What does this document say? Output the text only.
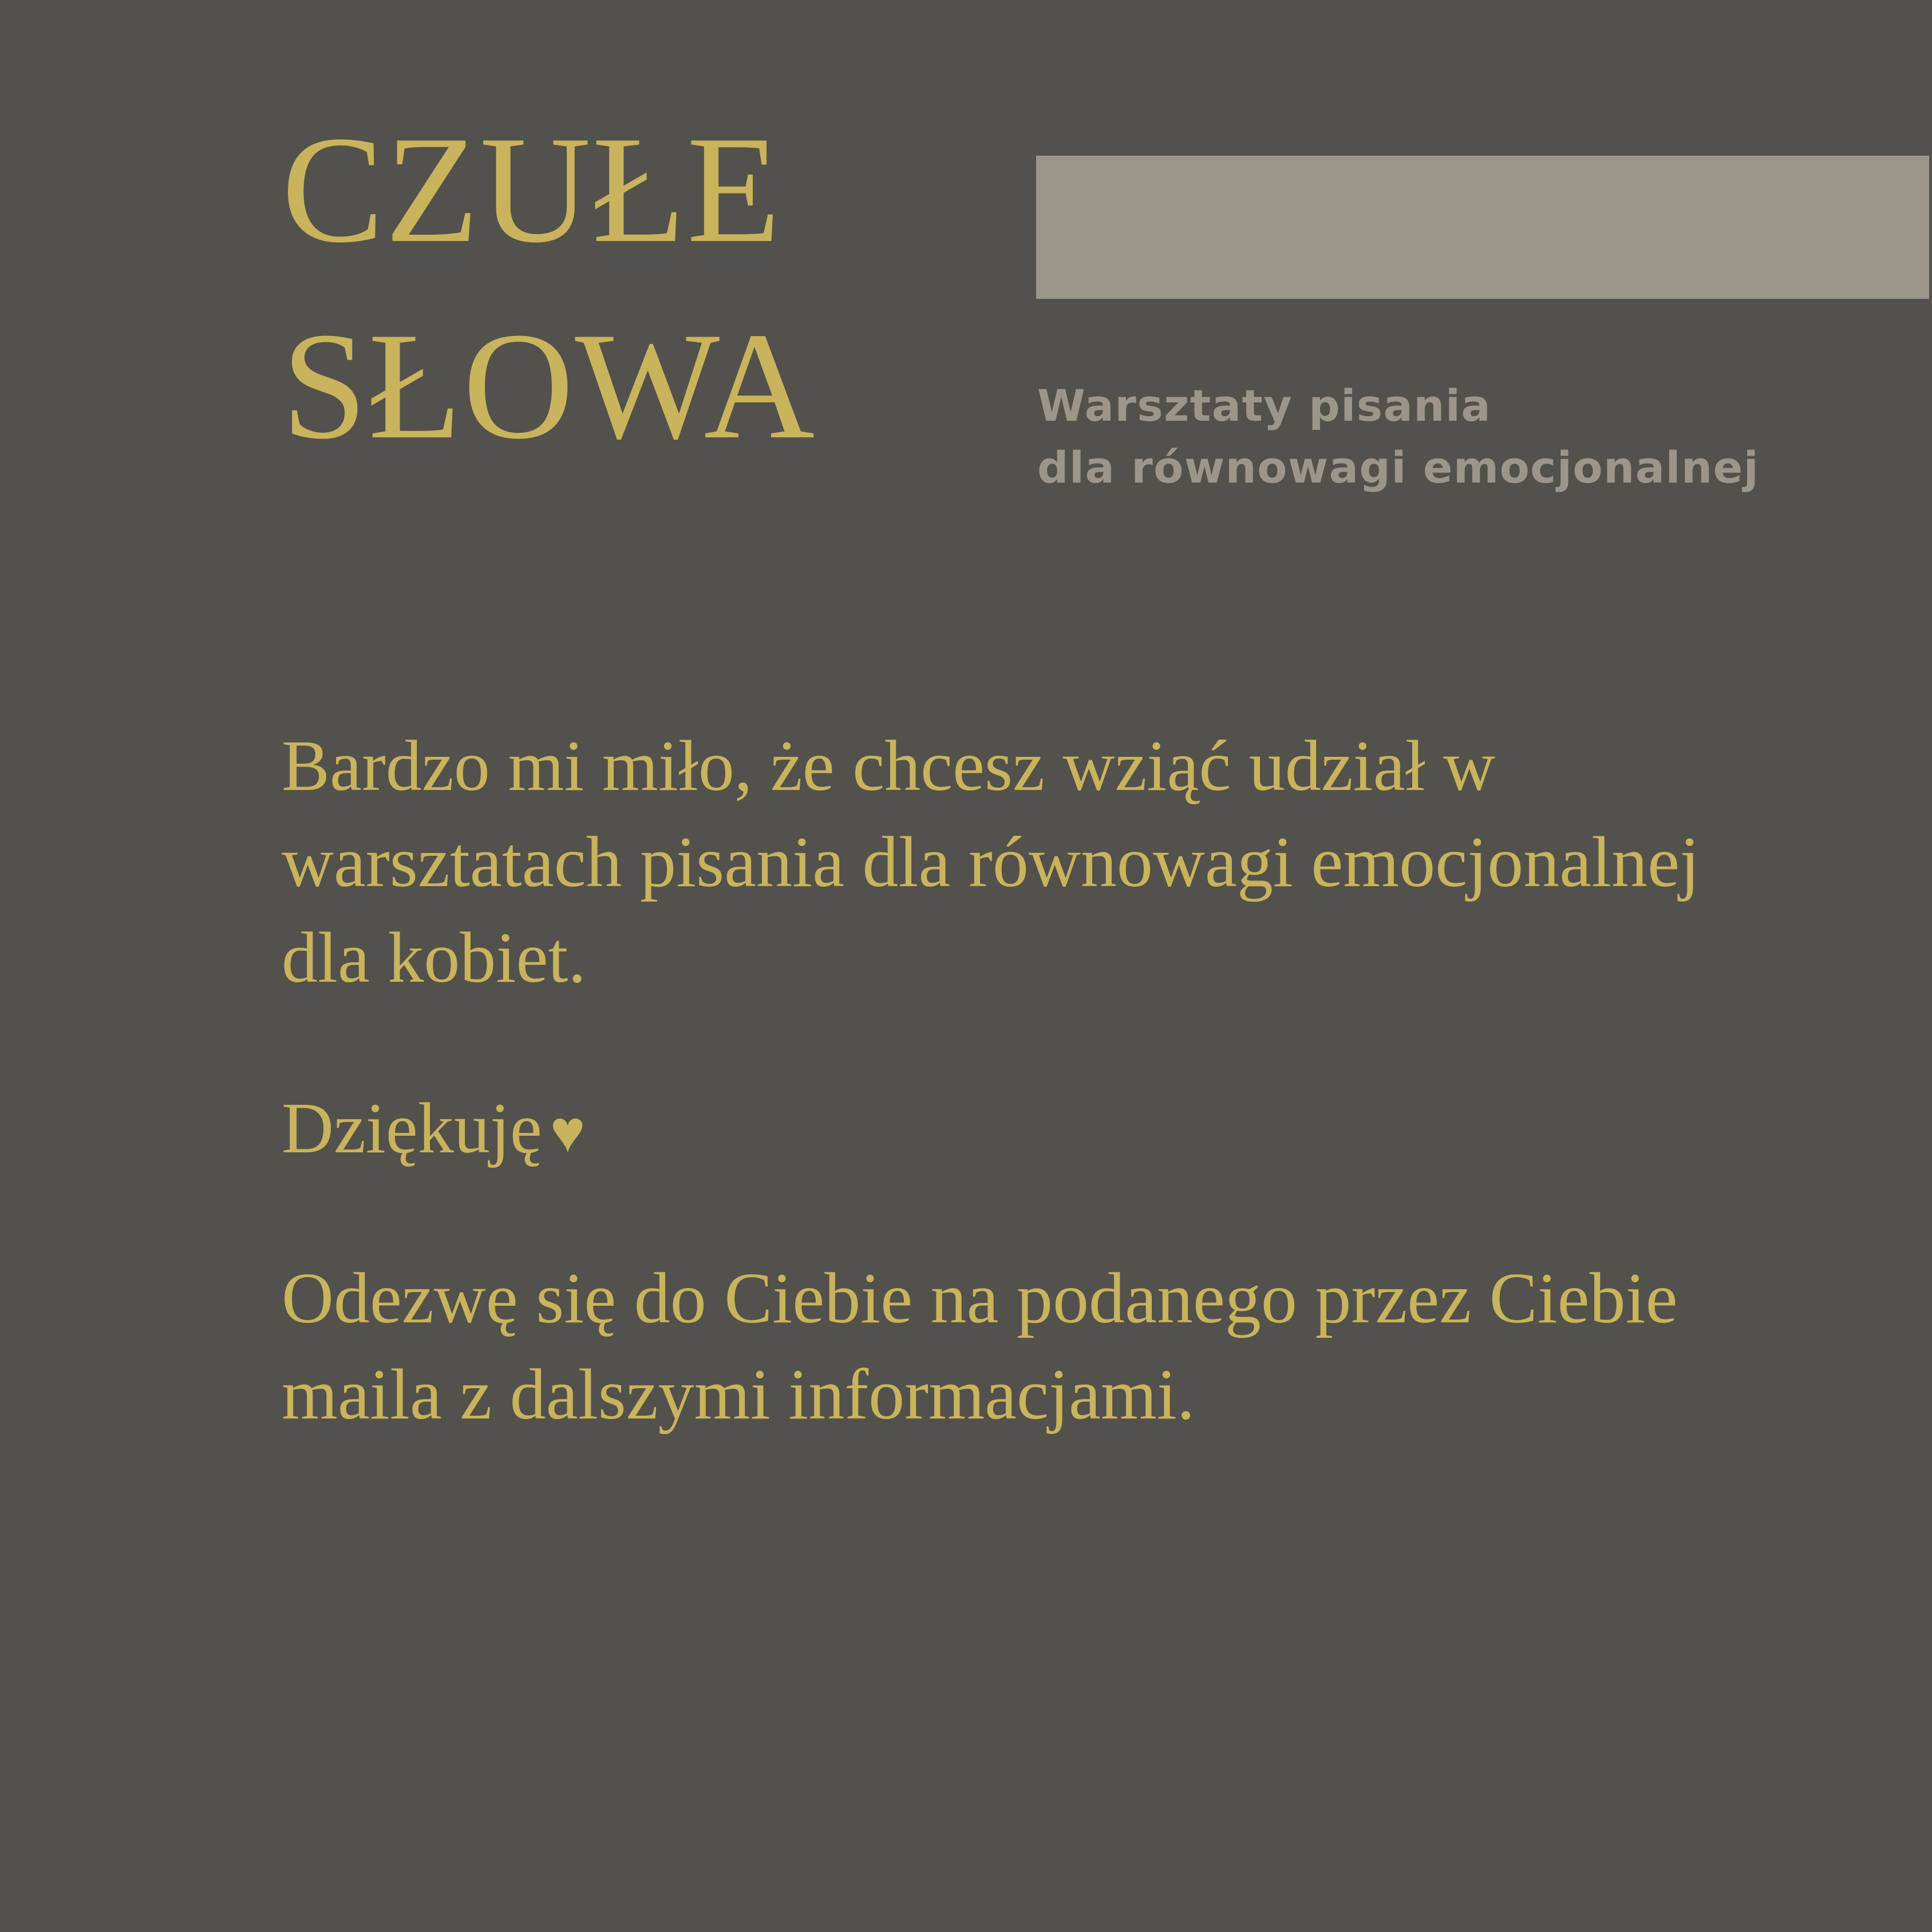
CZUŁE
SŁOWA	Warsztaty pisania
dla równowagi emocjonalnej

Bardzo mi miło, że chcesz wziąć udział w warsztatach pisania dla równowagi emocjonalnej dla kobiet.

Dziękuję ♥

Odezwę się do Ciebie na podanego przez Ciebie maila z dalszymi informacjami.
